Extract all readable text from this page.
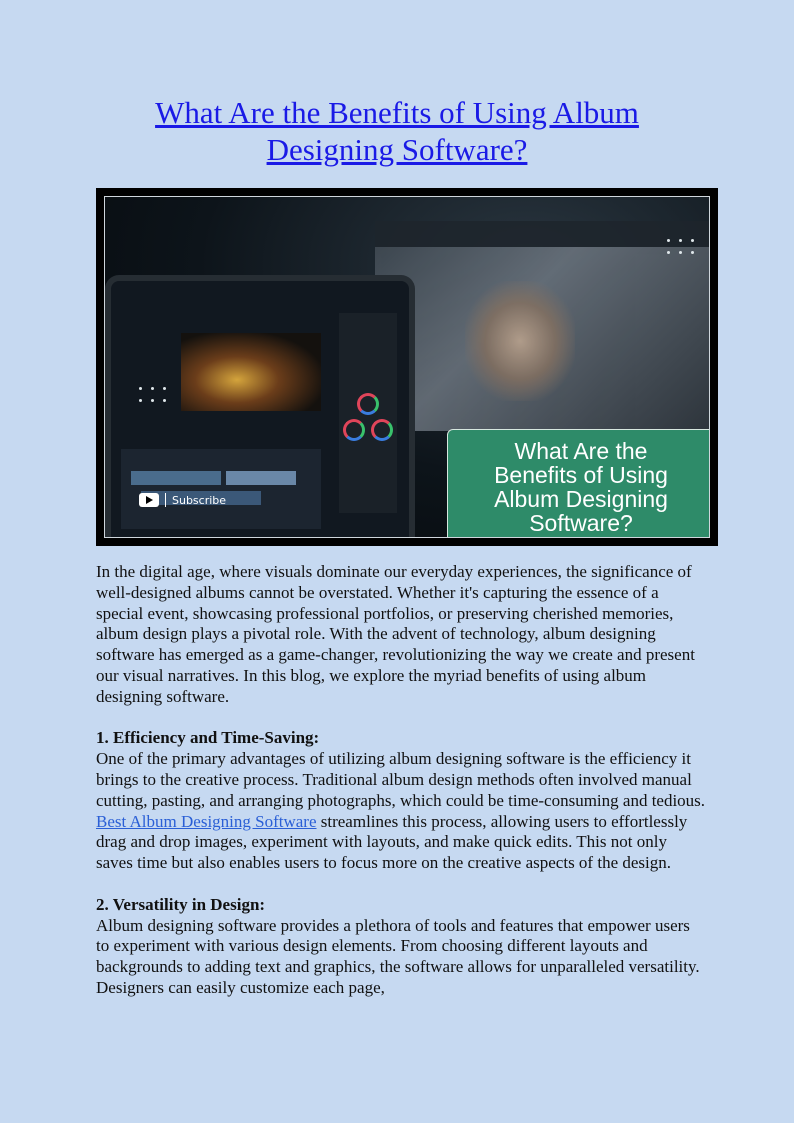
What Are the Benefits of Using Album Designing Software?
Subscribe
What Are the Benefits of Using Album Designing Software?

In the digital age, where visuals dominate our everyday experiences, the significance of well-designed albums cannot be overstated. Whether it's capturing the essence of a special event, showcasing professional portfolios, or preserving cherished memories, album design plays a pivotal role. With the advent of technology, album designing software has emerged as a game-changer, revolutionizing the way we create and present our visual narratives. In this blog, we explore the myriad benefits of using album designing software.

1. Efficiency and Time-Saving:

One of the primary advantages of utilizing album designing software is the efficiency it brings to the creative process. Traditional album design methods often involved manual cutting, pasting, and arranging photographs, which could be time-consuming and tedious. Best Album Designing Software streamlines this process, allowing users to effortlessly drag and drop images, experiment with layouts, and make quick edits. This not only saves time but also enables users to focus more on the creative aspects of the design.

2. Versatility in Design:

Album designing software provides a plethora of tools and features that empower users to experiment with various design elements. From choosing different layouts and backgrounds to adding text and graphics, the software allows for unparalleled versatility. Designers can easily customize each page,
